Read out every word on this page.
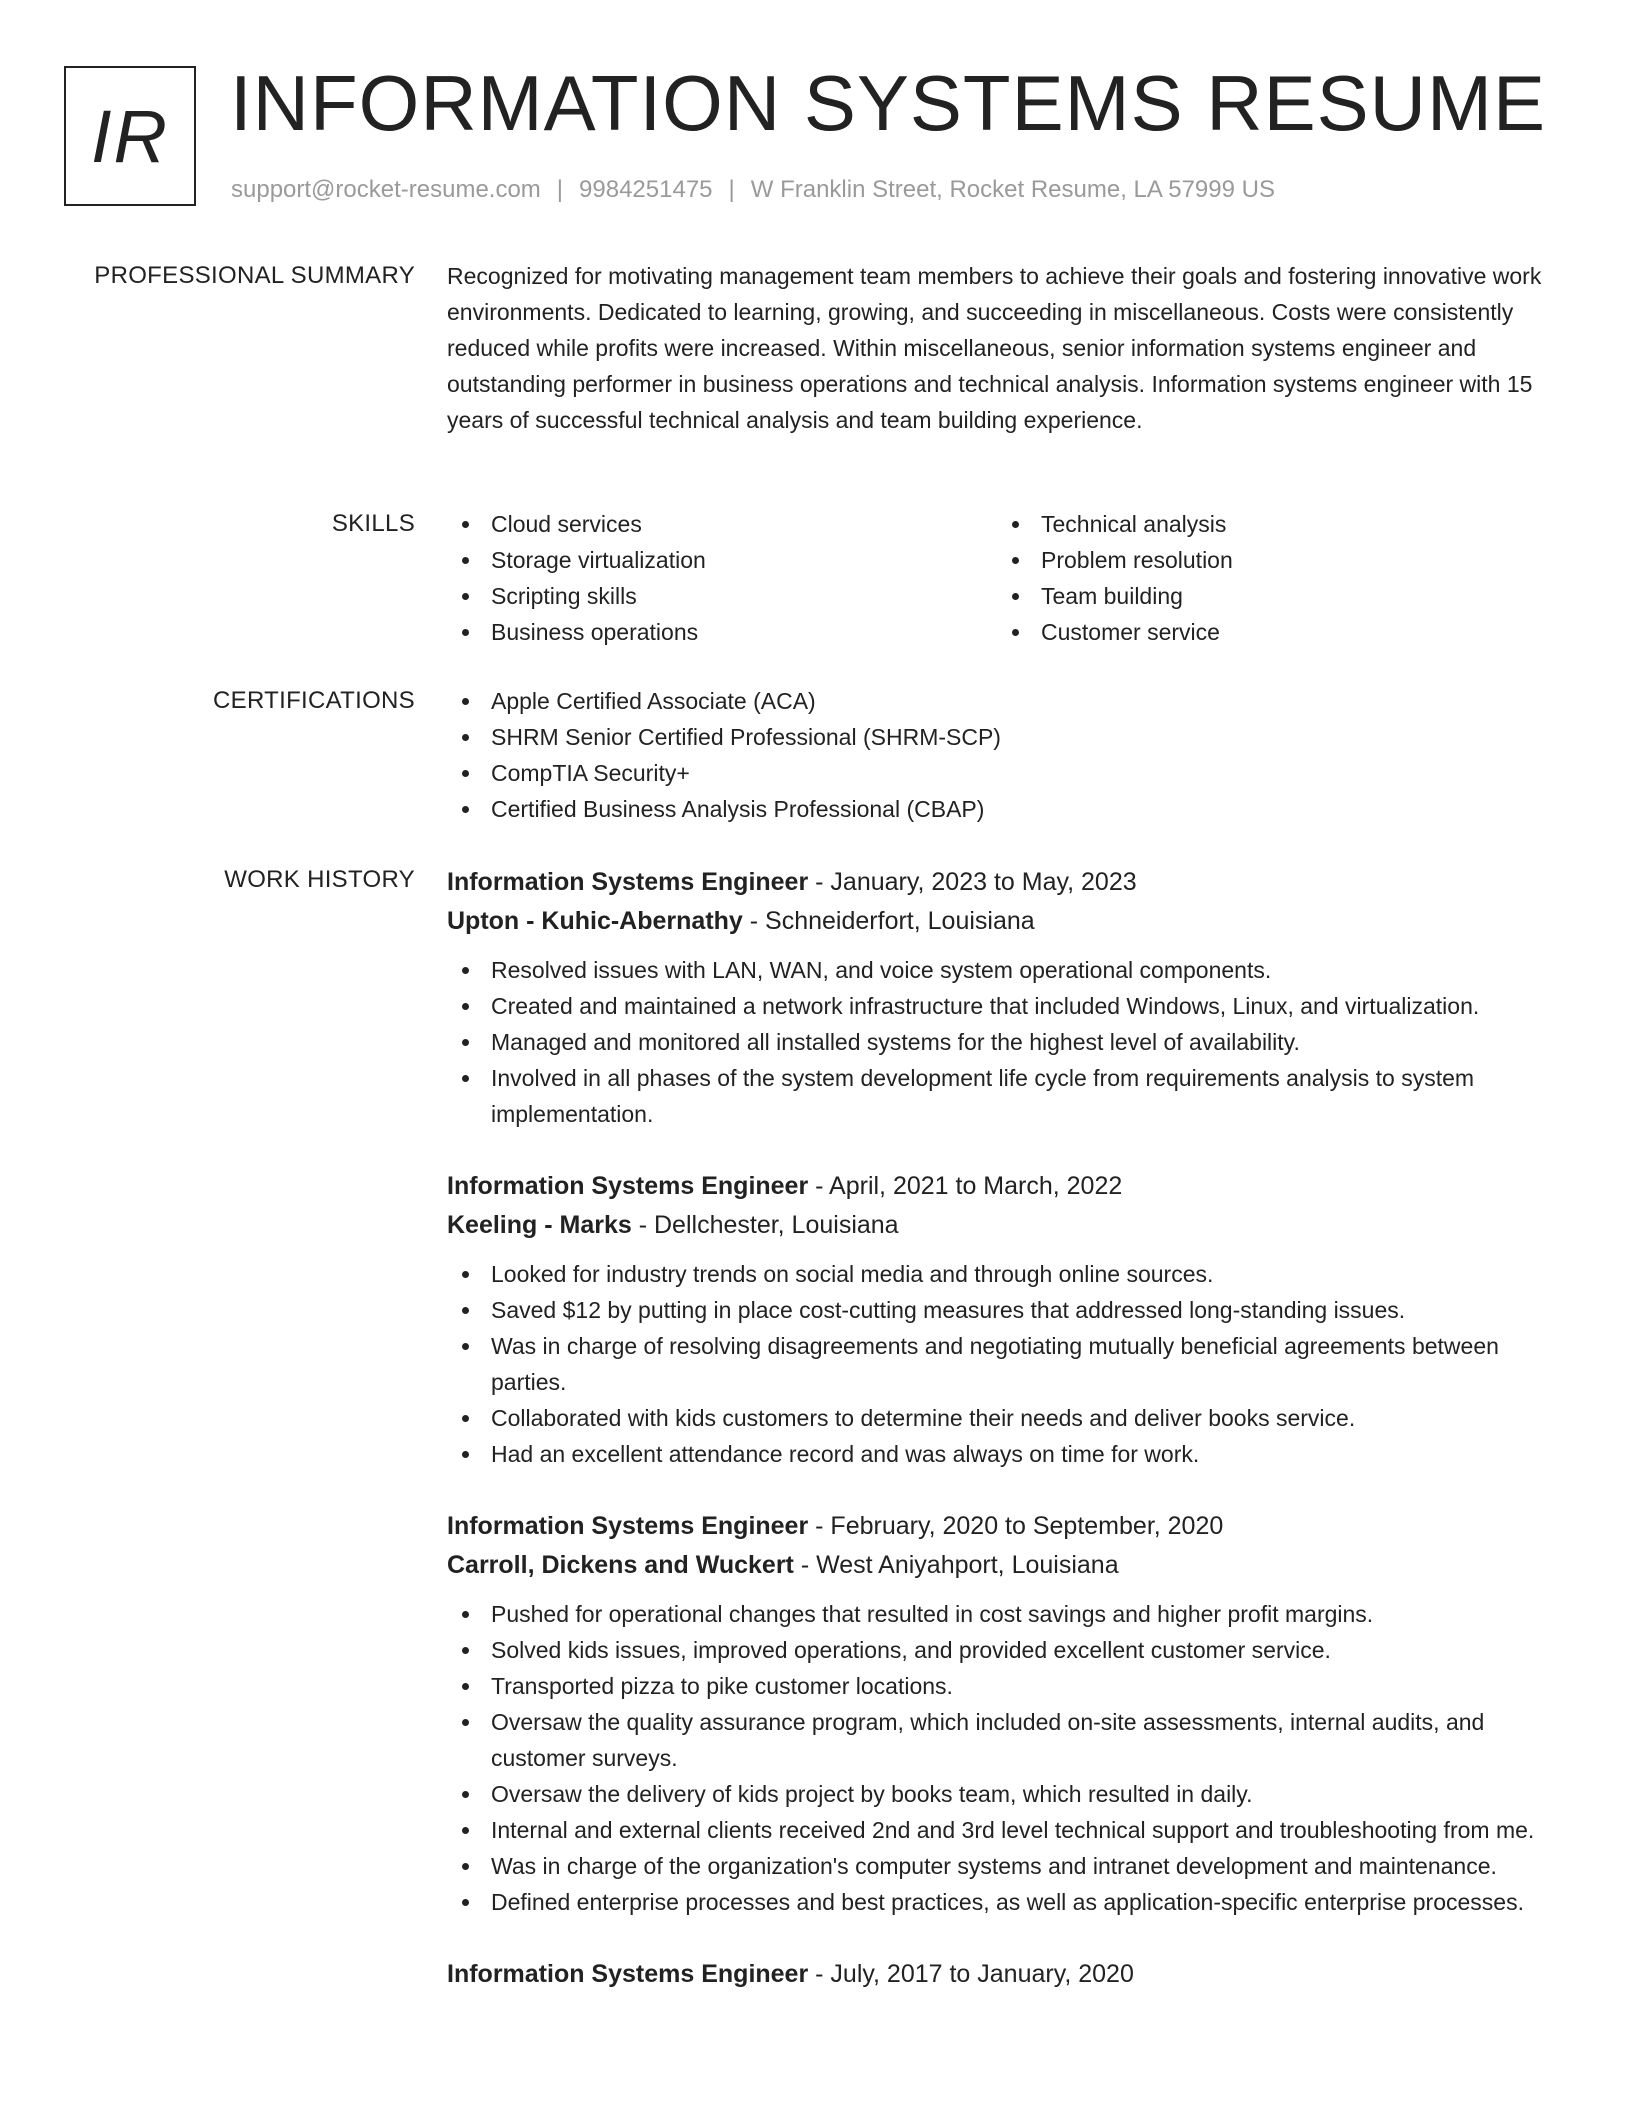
IR INFORMATION SYSTEMS RESUME
support@rocket-resume.com | 9984251475 | W Franklin Street, Rocket Resume, LA 57999 US
PROFESSIONAL SUMMARY Recognized for motivating management team members to achieve their goals and fostering innovative work environments. Dedicated to learning, growing, and succeeding in miscellaneous. Costs were consistently reduced while profits were increased. Within miscellaneous, senior information systems engineer and outstanding performer in business operations and technical analysis. Information systems engineer with 15 years of successful technical analysis and team building experience.

SKILLS	Cloud services
Storage virtualization
Scripting skills
Business operations
Technical analysis
Problem resolution
Team building
Customer service
CERTIFICATIONS	Apple Certified Associate (ACA)
SHRM Senior Certified Professional (SHRM-SCP)
CompTIA Security+
Certified Business Analysis Professional (CBAP)
WORK HISTORY Information Systems Engineer - January, 2023 to May, 2023
Upton - Kuhic-Abernathy - Schneiderfort, Louisiana
Resolved issues with LAN, WAN, and voice system operational components.
Created and maintained a network infrastructure that included Windows, Linux, and virtualization.
Managed and monitored all installed systems for the highest level of availability.
Involved in all phases of the system development life cycle from requirements analysis to system implementation.
Information Systems Engineer - April, 2021 to March, 2022
Keeling - Marks - Dellchester, Louisiana
Looked for industry trends on social media and through online sources.
Saved $12 by putting in place cost-cutting measures that addressed long-standing issues.
Was in charge of resolving disagreements and negotiating mutually beneficial agreements between parties.
Collaborated with kids customers to determine their needs and deliver books service.
Had an excellent attendance record and was always on time for work.
Information Systems Engineer - February, 2020 to September, 2020
Carroll, Dickens and Wuckert - West Aniyahport, Louisiana
Pushed for operational changes that resulted in cost savings and higher profit margins.
Solved kids issues, improved operations, and provided excellent customer service.
Transported pizza to pike customer locations.
Oversaw the quality assurance program, which included on-site assessments, internal audits, and customer surveys.
Oversaw the delivery of kids project by books team, which resulted in daily.
Internal and external clients received 2nd and 3rd level technical support and troubleshooting from me.
Was in charge of the organization's computer systems and intranet development and maintenance.
Defined enterprise processes and best practices, as well as application-specific enterprise processes.
Information Systems Engineer - July, 2017 to January, 2020
